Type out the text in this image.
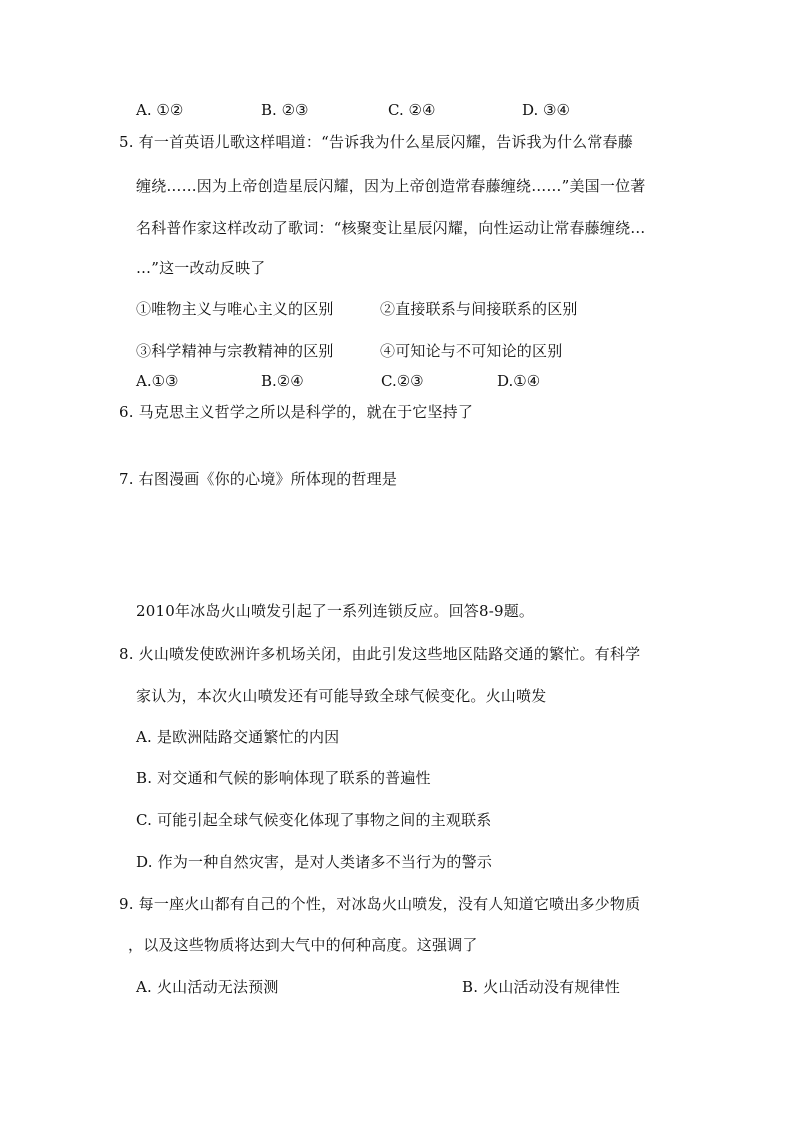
A. ①②	B. ②③	C. ②④	D. ③④
5. 有一首英语儿歌这样唱道：“告诉我为什么星辰闪耀，告诉我为什么常春藤
缠绕……因为上帝创造星辰闪耀，因为上帝创造常春藤缠绕……”美国一位著
名科普作家这样改动了歌词：“核聚变让星辰闪耀，向性运动让常春藤缠绕…
…”这一改动反映了
①唯物主义与唯心主义的区别	②直接联系与间接联系的区别
③科学精神与宗教精神的区别	④可知论与不可知论的区别
A.①③	B.②④	C.②③	D.①④
6. 马克思主义哲学之所以是科学的，就在于它坚持了
7. 右图漫画《你的心境》所体现的哲理是
2010年冰岛火山喷发引起了一系列连锁反应。回答8-9题。
8. 火山喷发使欧洲许多机场关闭，由此引发这些地区陆路交通的繁忙。有科学
家认为，本次火山喷发还有可能导致全球气候变化。火山喷发
A. 是欧洲陆路交通繁忙的内因
B. 对交通和气候的影响体现了联系的普遍性
C. 可能引起全球气候变化体现了事物之间的主观联系
D. 作为一种自然灾害，是对人类诸多不当行为的警示
9. 每一座火山都有自己的个性，对冰岛火山喷发，没有人知道它喷出多少物质
，以及这些物质将达到大气中的何种高度。这强调了
A. 火山活动无法预测	B. 火山活动没有规律性
